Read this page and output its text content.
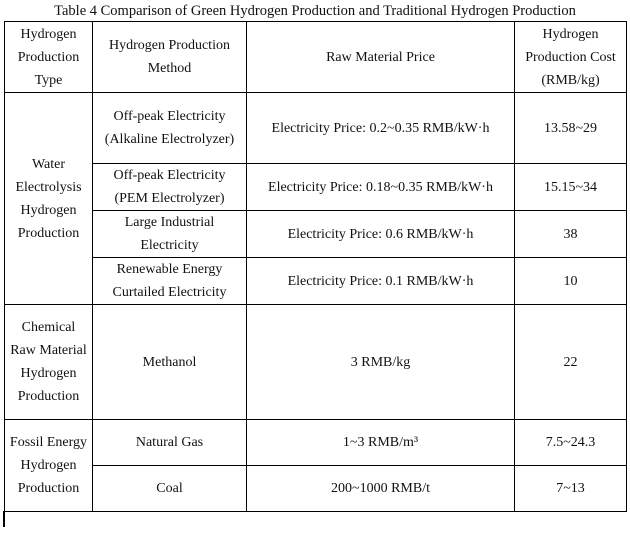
Table 4 Comparison of Green Hydrogen Production and Traditional Hydrogen Production
Hydrogen Production Type	Hydrogen Production Method	Raw Material Price	Hydrogen Production Cost (RMB/kg)
Water Electrolysis Hydrogen Production	Off-peak Electricity (Alkaline Electrolyzer)	Electricity Price: 0.2~0.35 RMB/kW·h	13.58~29
	Off-peak Electricity (PEM Electrolyzer)	Electricity Price: 0.18~0.35 RMB/kW·h	15.15~34
	Large Industrial Electricity	Electricity Price: 0.6 RMB/kW·h	38
	Renewable Energy Curtailed Electricity	Electricity Price: 0.1 RMB/kW·h	10
Chemical Raw Material Hydrogen Production	Methanol	3 RMB/kg	22
Fossil Energy Hydrogen Production	Natural Gas	1~3 RMB/m³	7.5~24.3
	Coal	200~1000 RMB/t	7~13
